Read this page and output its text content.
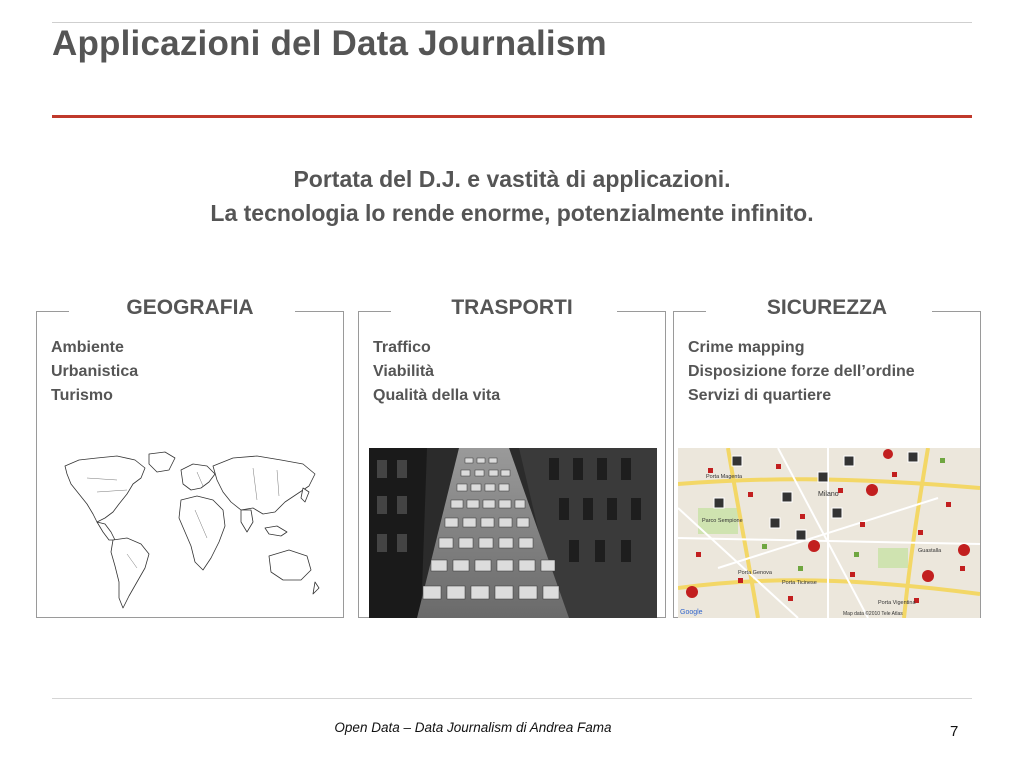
Applicazioni del Data Journalism
Portata del D.J. e vastità di applicazioni.
La tecnologia lo rende enorme, potenzialmente infinito.
GEOGRAFIA
Ambiente
Urbanistica
Turismo
TRASPORTI
Traffico
Viabilità
Qualità della vita
SICUREZZA
Crime mapping
Disposizione forze dell’ordine
Servizi di quartiere
Milano
Porta Magenta
Parco Sempione
Guastalla
Porta Genova
Porta Ticinese
Porta Vigentina
Google	Map data ©2010 Tele Atlas
Open Data – Data Journalism di Andrea Fama	7
